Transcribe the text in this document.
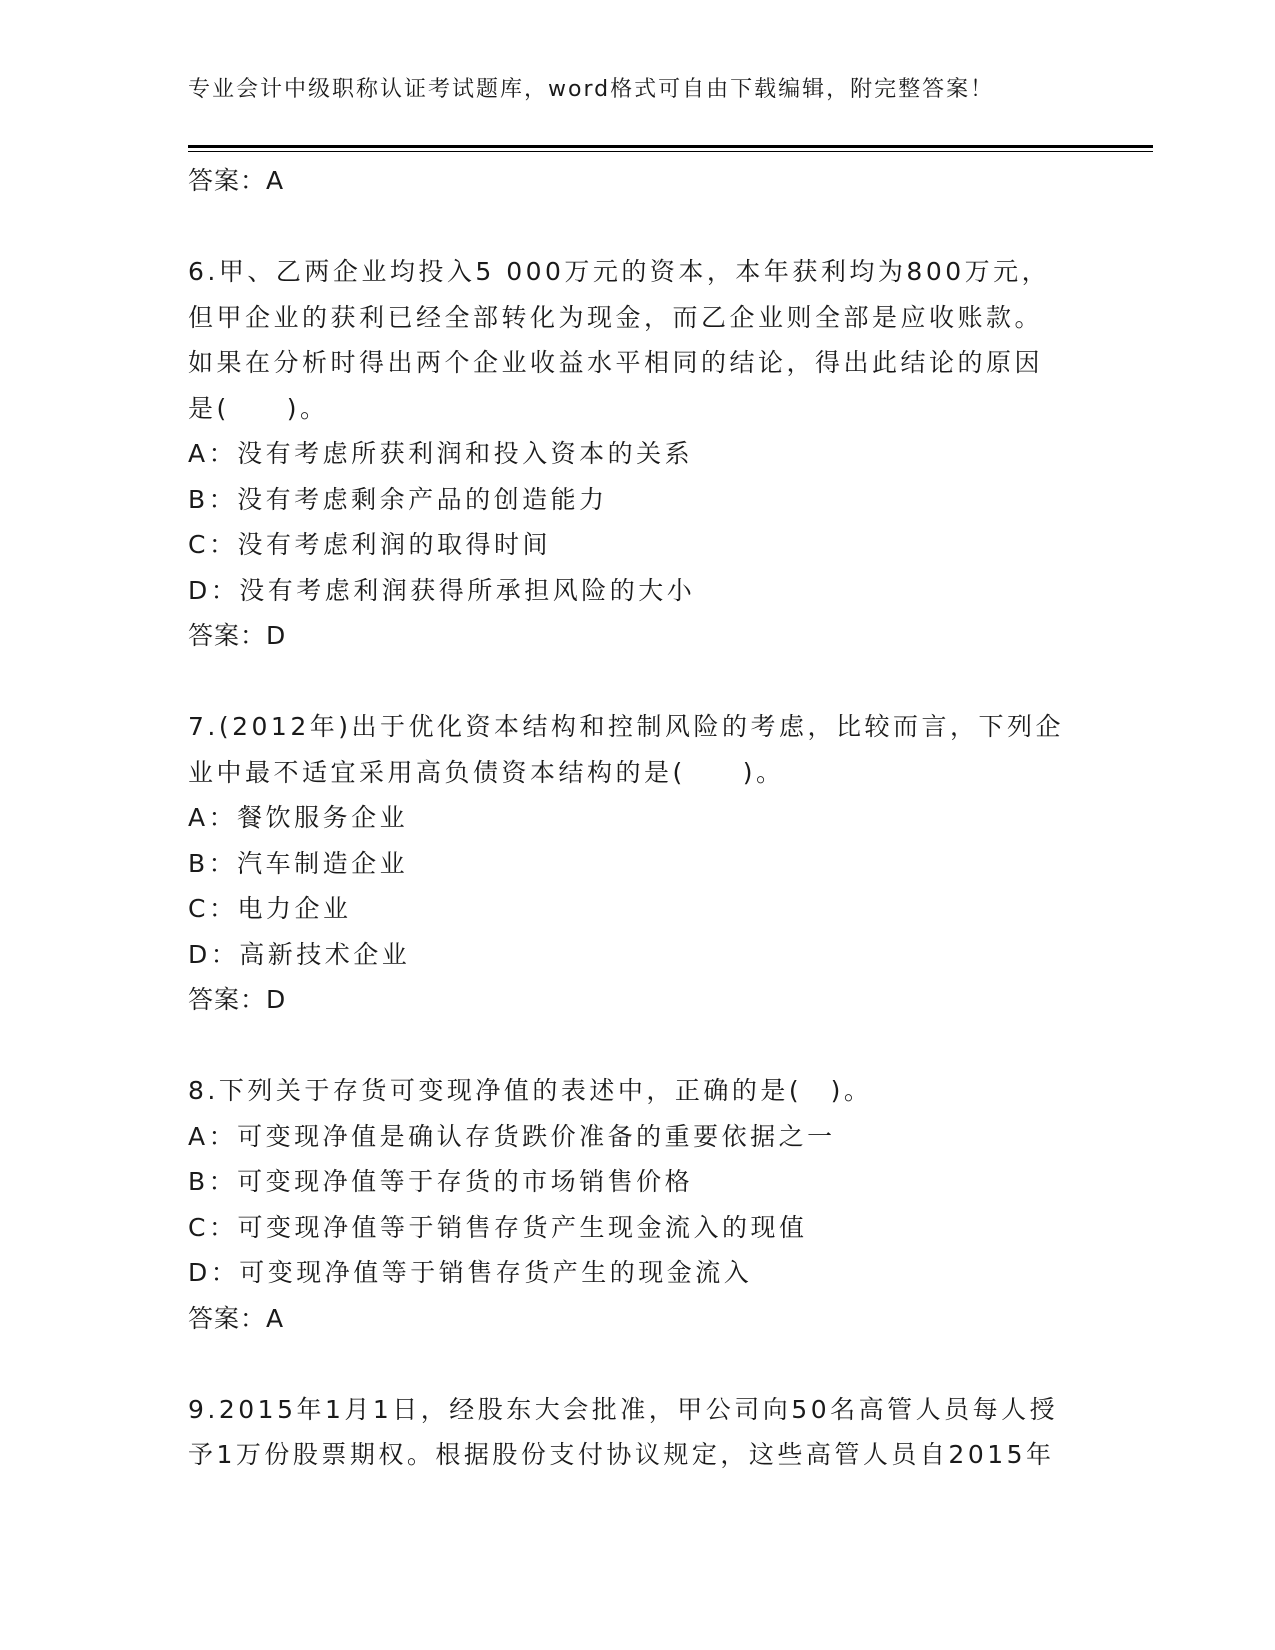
专业会计中级职称认证考试题库，word格式可自由下载编辑，附完整答案！
答案：A
6.甲、乙两企业均投入5 000万元的资本，本年获利均为800万元，
但甲企业的获利已经全部转化为现金，而乙企业则全部是应收账款。
如果在分析时得出两个企业收益水平相同的结论，得出此结论的原因
是(　　)。
A：没有考虑所获利润和投入资本的关系
B：没有考虑剩余产品的创造能力
C：没有考虑利润的取得时间
D：没有考虑利润获得所承担风险的大小
答案：D
7.(2012年)出于优化资本结构和控制风险的考虑，比较而言，下列企
业中最不适宜采用高负债资本结构的是(　　)。
A：餐饮服务企业
B：汽车制造企业
C：电力企业
D：高新技术企业
答案：D
8.下列关于存货可变现净值的表述中，正确的是(　)。
A：可变现净值是确认存货跌价准备的重要依据之一
B：可变现净值等于存货的市场销售价格
C：可变现净值等于销售存货产生现金流入的现值
D：可变现净值等于销售存货产生的现金流入
答案：A
9.2015年1月1日，经股东大会批准，甲公司向50名高管人员每人授
予1万份股票期权。根据股份支付协议规定，这些高管人员自2015年
